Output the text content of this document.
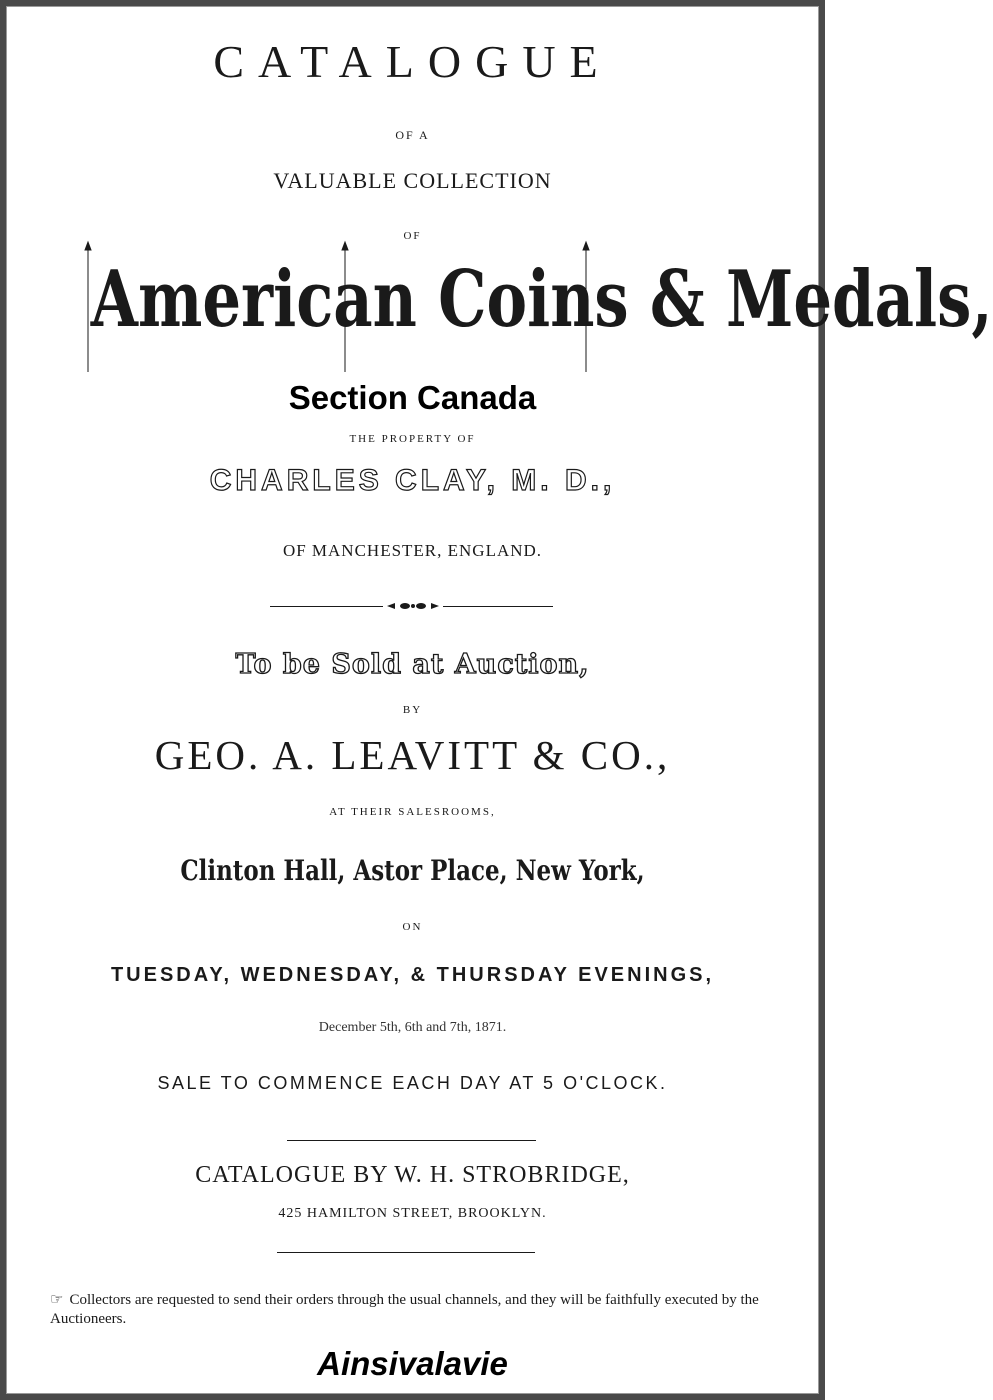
CATALOGUE
OF A
VALUABLE COLLECTION
OF
American Coins & Medals,
Section Canada
THE PROPERTY OF
CHARLES CLAY, M. D.,
OF MANCHESTER, ENGLAND.
To be Sold at Auction,
BY
GEO. A. LEAVITT & CO.,
AT THEIR SALESROOMS,
Clinton Hall, Astor Place, New York,
ON
TUESDAY, WEDNESDAY, & THURSDAY EVENINGS,
December 5th, 6th and 7th, 1871.
SALE TO COMMENCE EACH DAY AT 5 O'CLOCK.
CATALOGUE BY W. H. STROBRIDGE,
425 HAMILTON STREET, BROOKLYN.
☞ Collectors are requested to send their orders through the usual channels, and they will be faithfully executed by the Auctioneers.
Ainsivalavie
